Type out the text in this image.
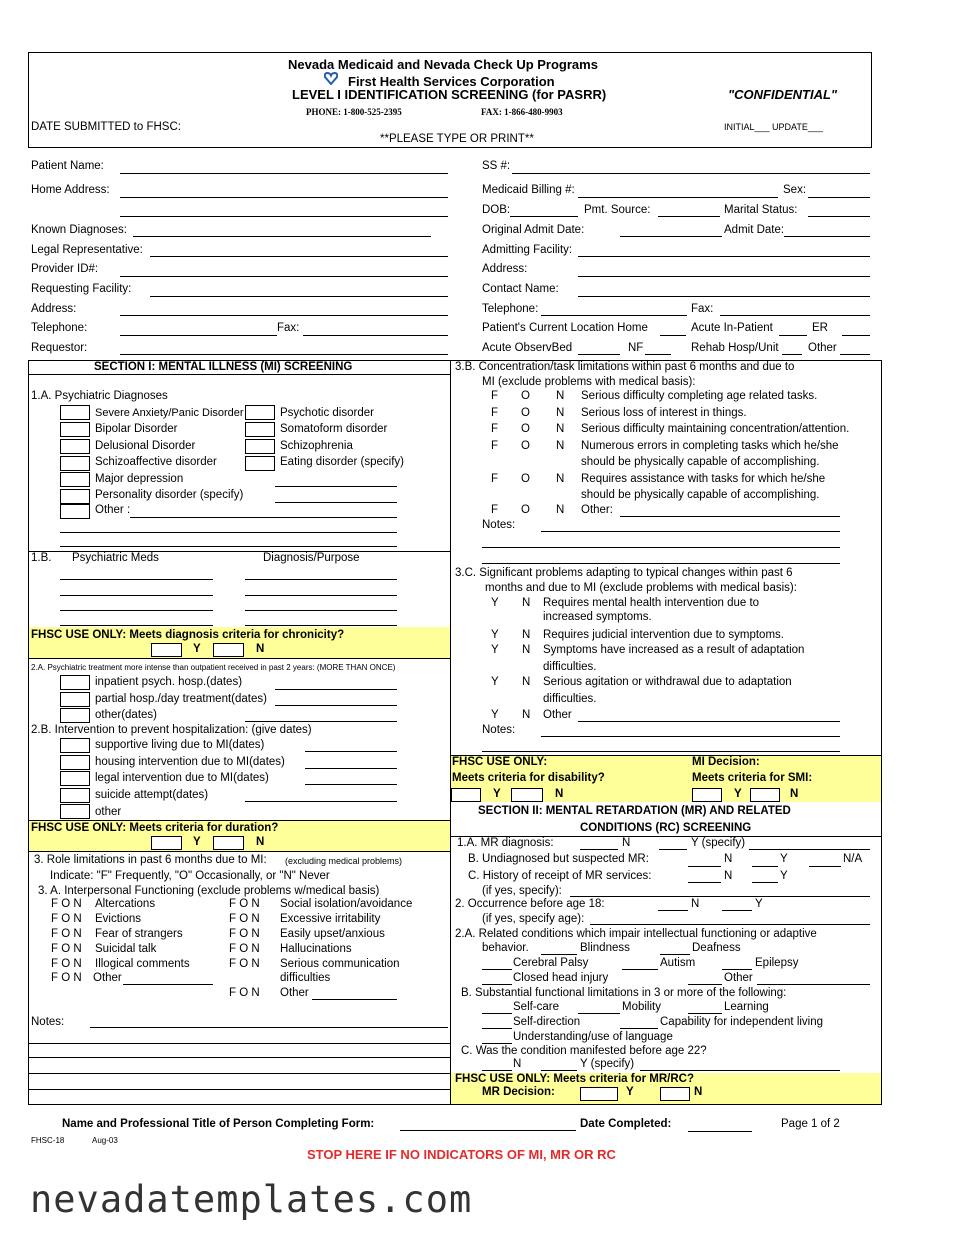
Nevada Medicaid and Nevada Check Up Programs
First Health Services Corporation
LEVEL I IDENTIFICATION SCREENING (for PASRR)	"CONFIDENTIAL"
PHONE: 1-800-525-2395	FAX: 1-866-480-9903
DATE SUBMITTED to FHSC:	INITIAL___ UPDATE___
**PLEASE TYPE OR PRINT**
Patient Name:
Home Address:
Known Diagnoses:
Legal Representative:
Provider ID#:
Requesting Facility:
Address:
Telephone:	Fax:
Requestor:
SS #:
Medicaid Billing #:	Sex:
DOB:	Pmt. Source:	Marital Status:
Original Admit Date:	Admit Date:
Admitting Facility:
Address:
Contact Name:
Telephone:	Fax:
Patient's Current Location Home	Acute In-Patient	ER
Acute ObservBed	NF	Rehab Hosp/Unit	Other
SECTION I: MENTAL ILLNESS (MI) SCREENING
1.A. Psychiatric Diagnoses
Severe Anxiety/Panic Disorder
Bipolar Disorder
Delusional Disorder
Schizoaffective disorder
Major depression
Personality disorder (specify)
Other :
Psychotic disorder
Somatoform disorder
Schizophrenia
Eating disorder (specify)
1.B. Psychiatric Meds	Diagnosis/Purpose
FHSC USE ONLY: Meets diagnosis criteria for chronicity?
Y	N
2.A. Psychiatric treatment more intense than outpatient received in past 2 years: (MORE THAN ONCE)
inpatient psych. hosp.(dates)
partial hosp./day treatment(dates)
other(dates)
2.B. Intervention to prevent hospitalization: (give dates)
supportive living due to MI(dates)
housing intervention due to MI(dates)
legal intervention due to MI(dates)
suicide attempt(dates)
other
FHSC USE ONLY: Meets criteria for duration?
Y	N
3. Role limitations in past 6 months due to MI: (excluding medical problems)
Indicate: "F" Frequently, "O" Occasionally, or "N" Never
3. A. Interpersonal Functioning (exclude problems w/medical basis)
F O N Altercations
F O N Evictions
F O N Fear of strangers
F O N Suicidal talk
F O N Illogical comments
F O N Other
F O N Social isolation/avoidance
F O N Excessive irritability
F O N Easily upset/anxious
F O N Hallucinations
F O N Serious communication
difficulties
F O N Other
Notes:
3.B. Concentration/task limitations within past 6 months and due to
MI (exclude problems with medical basis):
F O N Serious difficulty completing age related tasks.
F O N Serious loss of interest in things.
F O N Serious difficulty maintaining concentration/attention.
F O N Numerous errors in completing tasks which he/she
should be physically capable of accomplishing.
F O N Requires assistance with tasks for which he/she
should be physically capable of accomplishing.
F O N Other:
Notes:
3.C. Significant problems adapting to typical changes within past 6
months and due to MI (exclude problems with medical basis):
Y N Requires mental health intervention due to
increased symptoms.
Y N Requires judicial intervention due to symptoms.
Y N Symptoms have increased as a result of adaptation
difficulties.
Y N Serious agitation or withdrawal due to adaptation
difficulties.
Y N Other
Notes:
FHSC USE ONLY:	MI Decision:
Meets criteria for disability?	Meets criteria for SMI:
Y	N	Y	N
SECTION II: MENTAL RETARDATION (MR) AND RELATED
CONDITIONS (RC) SCREENING
1.A. MR diagnosis:	N	Y (specify)
B. Undiagnosed but suspected MR:	N	Y	N/A
C. History of receipt of MR services:	N	Y
(if yes, specify):
2. Occurrence before age 18:	N	Y
(if yes, specify age):
2.A. Related conditions which impair intellectual functioning or adaptive
behavior.	Blindness	Deafness
Cerebral Palsy	Autism	Epilepsy
Closed head injury	Other
B. Substantial functional limitations in 3 or more of the following:
Self-care	Mobility	Learning
Self-direction	Capability for independent living
Understanding/use of language
C. Was the condition manifested before age 22?
N	Y (specify)
FHSC USE ONLY: Meets criteria for MR/RC?
MR Decision:	Y	N
Name and Professional Title of Person Completing Form:	Date Completed:	Page 1 of 2
FHSC-18	Aug-03
STOP HERE IF NO INDICATORS OF MI, MR OR RC
nevadatemplates.com
